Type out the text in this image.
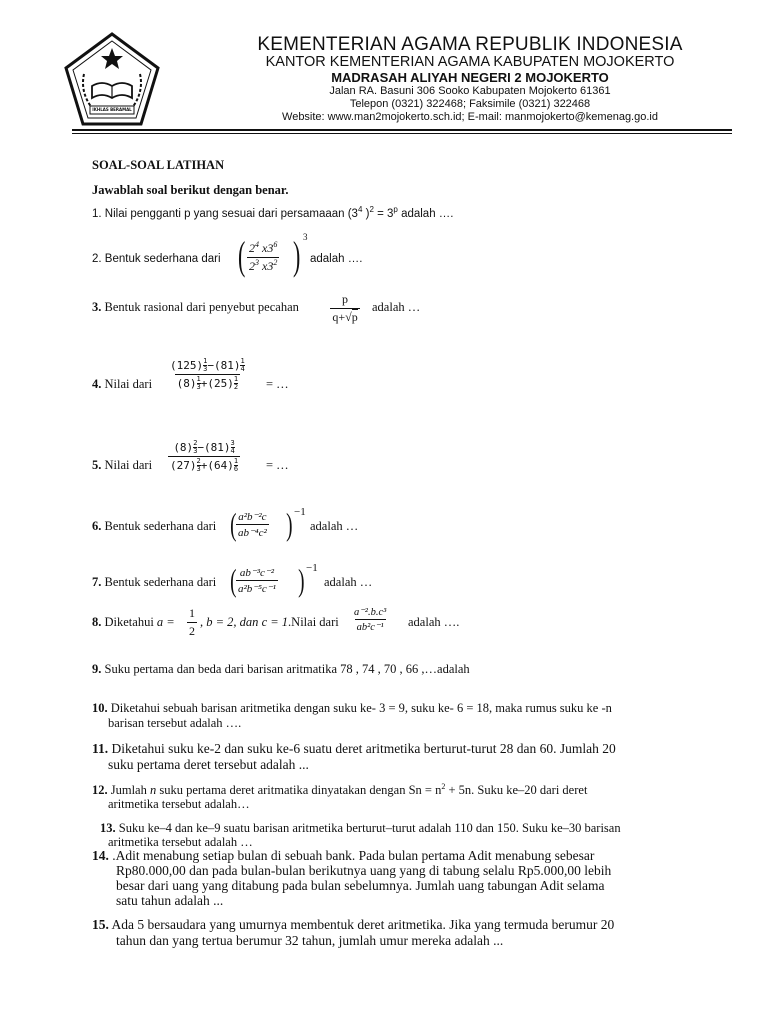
IKHLAS BERAMAL
KEMENTERIAN AGAMA REPUBLIK INDONESIA
KANTOR KEMENTERIAN AGAMA KABUPATEN MOJOKERTO
MADRASAH ALIYAH NEGERI 2 MOJOKERTO
Jalan RA. Basuni 306 Sooko Kabupaten Mojokerto 61361
Telepon (0321) 322468; Faksimile (0321) 322468
Website: www.man2mojokerto.sch.id; E-mail: manmojokerto@kemenag.go.id
SOAL-SOAL LATIHAN
Jawablah soal berikut dengan benar.
1. Nilai pengganti p yang sesuai dari persamaaan ($3^4$ )$^2 = 3^p$ adalah ….
2. Bentuk sederhana dari ( $\frac{2^4 x3^6}{2^3 x3^2}$ ) 3
adalah ….
3. Bentuk rasional dari penyebut pecahan $\frac{p}{q+√p}$ adalah …
4. Nilai dari (125) $^{\frac{1}{3}}$ −(81) $^{\frac{1}{4}}$
(8) $^{\frac{1}{3}}$ +(25) $^{\frac{1}{2}}$ = …
5. Nilai dari (8) $^{\frac{2}{3}}$ −(81) $^{\frac{3}{4}}$
(27) $^{\frac{2}{3}}$ +(64) $^{\frac{1}{6}}$ = …
6. Bentuk sederhana dari ( $\frac{\text{a²b⁻²c}}{\text{ab⁻⁴c²}}$ ) −1
adalah …
7. Bentuk sederhana dari ( $\frac{\text{ab⁻³c⁻²}}{\text{a²b⁻⁵c⁻¹}}$ ) −1
adalah …
8. Diketahui $a = \frac{1}{2}$ , b = 2, dan c = 1.Nilai dari $\frac{\text{a⁻².b.c³}}{\text{ab²c⁻¹}}$ adalah ….
9. Suku pertama dan beda dari barisan aritmatika 78 , 74 , 70 , 66 ,…adalah
10. Diketahui sebuah barisan aritmetika dengan suku ke- 3 = 9, suku ke- 6 = 18, maka rumus suku ke -n
barisan tersebut adalah ….
11. Diketahui suku ke-2 dan suku ke-6 suatu deret aritmetika berturut-turut 28 dan 60. Jumlah 20
suku pertama deret tersebut adalah ...
12. Jumlah n suku pertama deret aritmatika dinyatakan dengan $Sn = n^2 + 5n$. Suku ke–20 dari deret
aritmetika tersebut adalah…
13. Suku ke–4 dan ke–9 suatu barisan aritmetika berturut–turut adalah 110 dan 150. Suku ke–30 barisan
aritmetika tersebut adalah …
14. .Adit menabung setiap bulan di sebuah bank. Pada bulan pertama Adit menabung sebesar
Rp80.000,00 dan pada bulan-bulan berikutnya uang yang di tabung selalu Rp5.000,00 lebih
besar dari uang yang ditabung pada bulan sebelumnya. Jumlah uang tabungan Adit selama
satu tahun adalah ...
15. Ada 5 bersaudara yang umurnya membentuk deret aritmetika. Jika yang termuda berumur 20
tahun dan yang tertua berumur 32 tahun, jumlah umur mereka adalah ...
